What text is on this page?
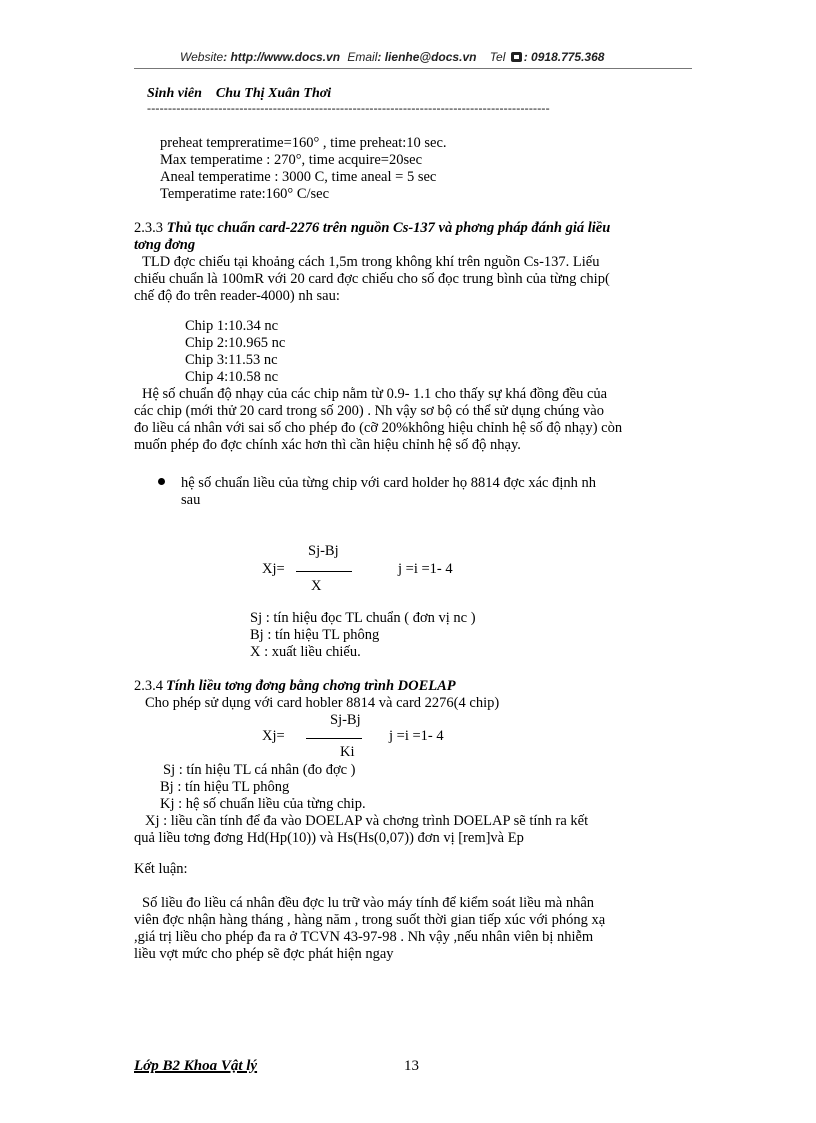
Website: http://www.docs.vn Email: lienhe@docs.vn Tel : 0918.775.368
Sinh viên Chu Thị Xuân Thơi
------------------------------------------------------------------------------------------------
preheat tempreratime=160° , time preheat:10 sec.
Max temperatime : 270°, time acquire=20sec
Aneal temperatime : 3000 C, time aneal = 5 sec
Temperatime rate:160° C/sec
2.3.3 Thủ tục chuẩn card-2276 trên nguồn Cs-137 và phơng pháp đánh giá liều
tơng đơng
TLD đợc chiếu tại khoảng cách 1,5m trong không khí trên nguồn Cs-137. Liếu
chiếu chuẩn là 100mR với 20 card đợc chiếu cho số đọc trung bình của từng chip(
chế độ đo trên reader-4000) nh sau:
Chip 1:10.34 nc
Chip 2:10.965 nc
Chip 3:11.53 nc
Chip 4:10.58 nc
Hệ số chuẩn độ nhạy của các chip nằm từ 0.9- 1.1 cho thấy sự khá đồng đều của
các chip (mới thử 20 card trong số 200) . Nh vậy sơ bộ có thể sử dụng chúng vào
đo liều cá nhân với sai số cho phép đo (cỡ 20%không hiệu chỉnh hệ số độ nhạy) còn
muốn phép đo đợc chính xác hơn thì cần hiệu chỉnh hệ số độ nhạy.
hệ số chuẩn liều của từng chip với card holder họ 8814 đợc xác định nh
sau
Sj-Bj
Xj=	j =i =1- 4
X
Sj : tín hiệu đọc TL chuẩn ( đơn vị nc )
Bj : tín hiệu TL phông
X : xuất liều chiếu.
2.3.4 Tính liều tơng đơng bằng chơng trình DOELAP
Cho phép sử dụng với card hobler 8814 và card 2276(4 chip)
Sj-Bj
Xj=	j =i =1- 4
Ki
Sj : tín hiệu TL cá nhân (đo đợc )
Bj : tín hiệu TL phông
Kj : hệ số chuẩn liều của từng chip.
Xj : liều cần tính để đa vào DOELAP và chơng trình DOELAP sẽ tính ra kết
quả liều tơng đơng Hd(Hp(10)) và Hs(Hs(0,07)) đơn vị [rem]và Ep
Kết luận:
Số liều đo liều cá nhân đều đợc lu trữ vào máy tính để kiểm soát liều mà nhân
viên đợc nhận hàng tháng , hàng năm , trong suốt thời gian tiếp xúc với phóng xạ
,giá trị liều cho phép đa ra ở TCVN 43-97-98 . Nh vậy ,nếu nhân viên bị nhiễm
liều vợt mức cho phép sẽ đợc phát hiện ngay
Lớp B2 Khoa Vật lý	13
